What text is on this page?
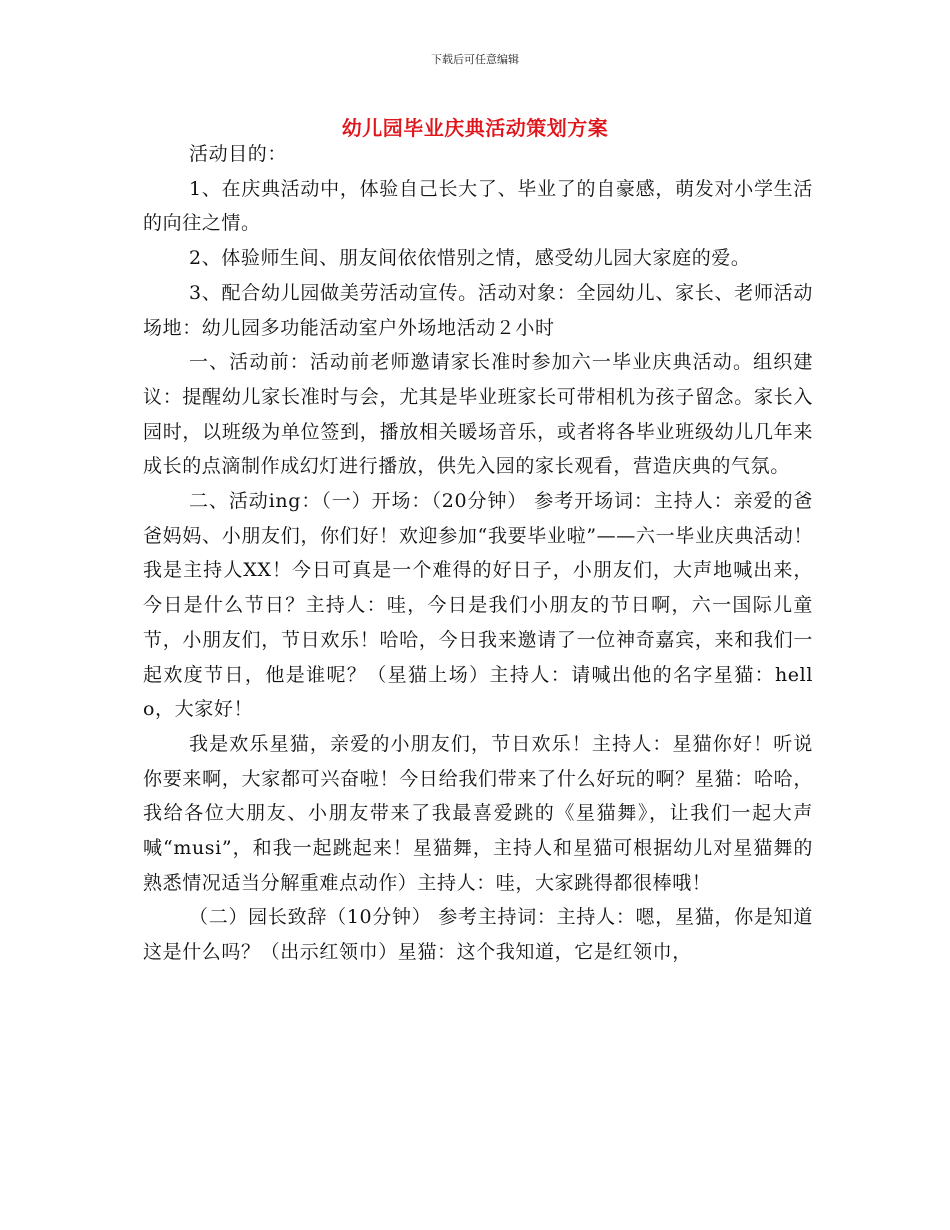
下载后可任意编辑
幼儿园毕业庆典活动策划方案

活动目的：

1、在庆典活动中，体验自己长大了、毕业了的自豪感，萌发对小学生活的向往之情。

2、体验师生间、朋友间依依惜别之情，感受幼儿园大家庭的爱。

3、配合幼儿园做美劳活动宣传。活动对象：全园幼儿、家长、老师活动场地：幼儿园多功能活动室户外场地活动２小时

一、活动前：活动前老师邀请家长准时参加六一毕业庆典活动。组织建议：提醒幼儿家长准时与会，尤其是毕业班家长可带相机为孩子留念。家长入园时，以班级为单位签到，播放相关暖场音乐，或者将各毕业班级幼儿几年来成长的点滴制作成幻灯进行播放，供先入园的家长观看，营造庆典的气氛。

二、活动ing：（一）开场：（20分钟） 参考开场词：主持人：亲爱的爸爸妈妈、小朋友们，你们好！欢迎参加“我要毕业啦”——六一毕业庆典活动！我是主持人XX！今日可真是一个难得的好日子，小朋友们，大声地喊出来，今日是什么节日？主持人：哇，今日是我们小朋友的节日啊，六一国际儿童节，小朋友们，节日欢乐！哈哈，今日我来邀请了一位神奇嘉宾，来和我们一起欢度节日，他是谁呢？（星猫上场）主持人：请喊出他的名字星猫：hello，大家好！

我是欢乐星猫，亲爱的小朋友们，节日欢乐！主持人：星猫你好！听说你要来啊，大家都可兴奋啦！今日给我们带来了什么好玩的啊？星猫：哈哈，我给各位大朋友、小朋友带来了我最喜爱跳的《星猫舞》，让我们一起大声喊“musi”，和我一起跳起来！星猫舞，主持人和星猫可根据幼儿对星猫舞的熟悉情况适当分解重难点动作）主持人：哇，大家跳得都很棒哦！

（二）园长致辞（10分钟） 参考主持词：主持人：嗯，星猫，你是知道这是什么吗？（出示红领巾）星猫：这个我知道，它是红领巾，
